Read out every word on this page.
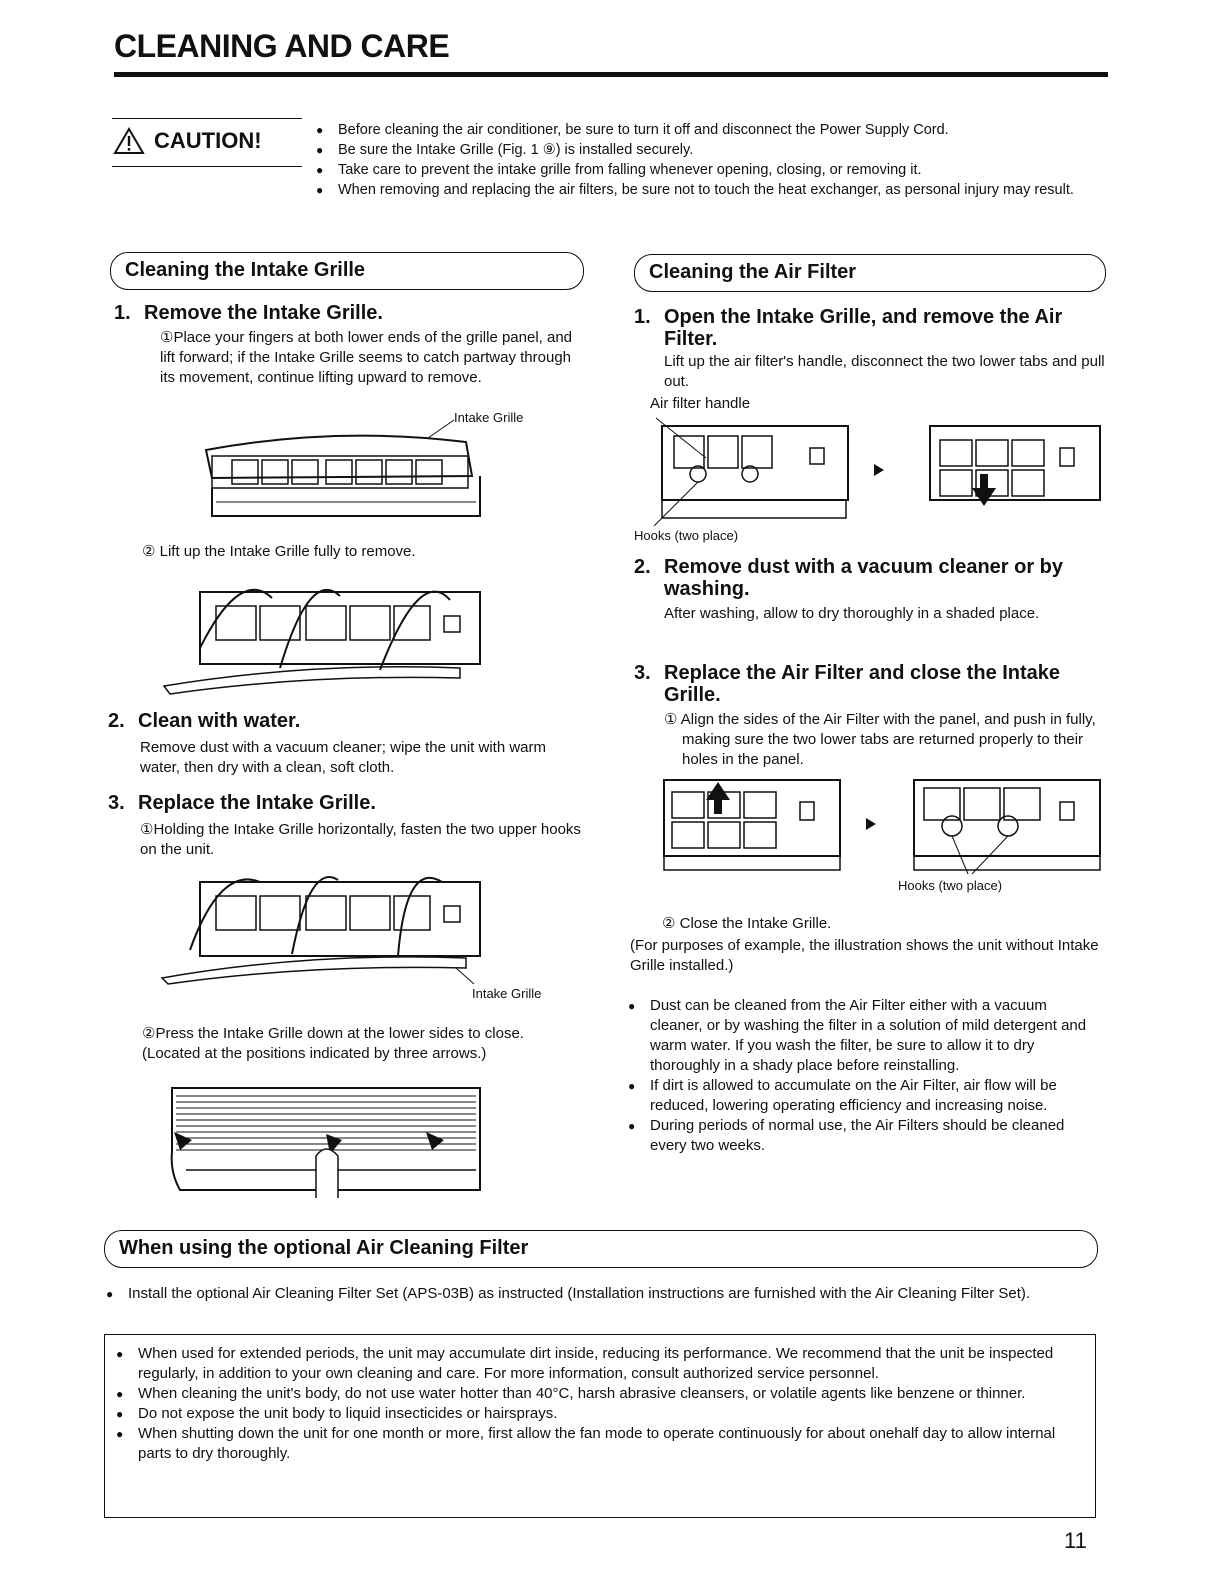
CLEANING AND CARE
CAUTION!
●	Before cleaning the air conditioner, be sure to turn it off and disconnect the Power Supply Cord.
● Be sure the Intake Grille (Fig. 1 ⑨) is installed securely.
● Take care to prevent the intake grille from falling whenever opening, closing, or removing it.
● When removing and replacing the air filters, be sure not to touch the heat exchanger, as personal injury may result.
Cleaning the Intake Grille
1. Remove the Intake Grille.
①Place your fingers at both lower ends of the grille panel, and lift forward; if the Intake Grille seems to catch partway through its movement, continue lifting upward to remove.
Intake Grille
② Lift up the Intake Grille fully to remove.
2. Clean with water.
Remove dust with a vacuum cleaner; wipe the unit with warm water, then dry with a clean, soft cloth.
3. Replace the Intake Grille.
①Holding the Intake Grille horizontally, fasten the two upper hooks on the unit.
Intake Grille
②Press the Intake Grille down at the lower sides to close.(Located at the positions indicated by three arrows.)
Cleaning the Air Filter
1. Open the Intake Grille, and remove the Air Filter.
Lift up the air filter's handle, disconnect the two lower tabs and pull out.
Air filter handle
Hooks (two place)
2. Remove dust with a vacuum cleaner or by washing.
After washing, allow to dry thoroughly in a shaded place.
3. Replace the Air Filter and close the Intake Grille.
① Align the sides of the Air Filter with the panel, and push in fully, making sure the two lower tabs are returned properly to their holes in the panel.
Hooks (two place)
② Close the Intake Grille.
(For purposes of example, the illustration shows the unit without Intake Grille installed.)
● Dust can be cleaned from the Air Filter either with a vacuum cleaner, or by washing the filter in a solution of mild detergent and warm water. If you wash the filter, be sure to allow it to dry thoroughly in a shady place before reinstalling.
● If dirt is allowed to accumulate on the Air Filter, air flow will be reduced, lowering operating efficiency and increasing noise.
● During periods of normal use, the Air Filters should be cleaned every two weeks.
When using the optional Air Cleaning Filter
● Install the optional Air Cleaning Filter Set (APS-03B) as instructed (Installation instructions are furnished with the Air Cleaning Filter Set).
● When used for extended periods, the unit may accumulate dirt inside, reducing its performance. We recommend that the unit be inspected regularly, in addition to your own cleaning and care. For more information, consult authorized service personnel.
● When cleaning the unit's body, do not use water hotter than 40°C, harsh abrasive cleansers, or volatile agents like benzene or thinner.
● Do not expose the unit body to liquid insecticides or hairsprays.
● When shutting down the unit for one month or more, first allow the fan mode to operate continuously for about onehalf day to allow internal parts to dry thoroughly.
11
